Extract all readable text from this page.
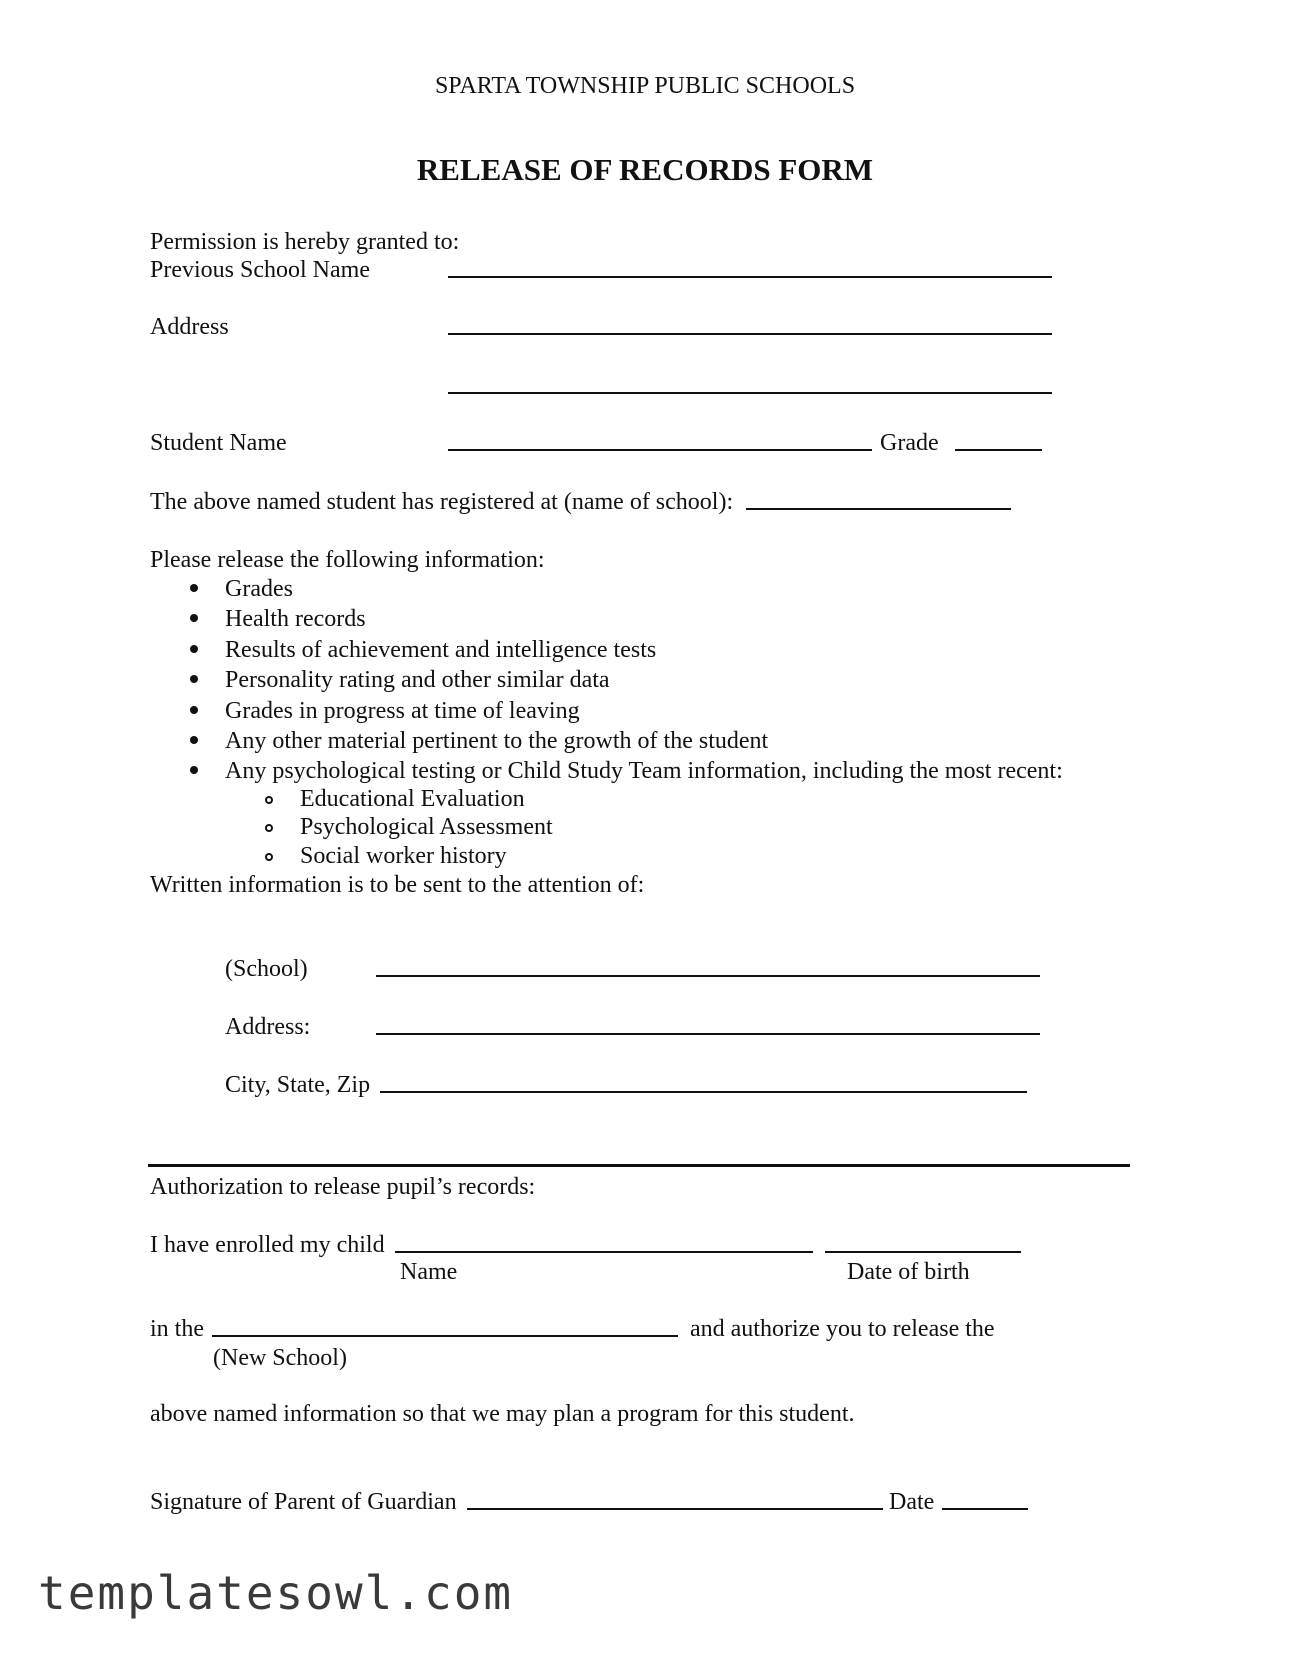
SPARTA TOWNSHIP PUBLIC SCHOOLS
RELEASE OF RECORDS FORM
Permission is hereby granted to:
Previous School Name
Address
Student Name	Grade
The above named student has registered at (name of school):
Please release the following information:
Grades
Health records
Results of achievement and intelligence tests
Personality rating and other similar data
Grades in progress at time of leaving
Any other material pertinent to the growth of the student
Any psychological testing or Child Study Team information, including the most recent:
Educational Evaluation
Psychological Assessment
Social worker history
Written information is to be sent to the attention of:
(School)
Address:
City, State, Zip
Authorization to release pupil’s records:
I have enrolled my child
Name	Date of birth
in the	and authorize you to release the
(New School)
above named information so that we may plan a program for this student.
Signature of Parent of Guardian	Date
templatesowl.com
